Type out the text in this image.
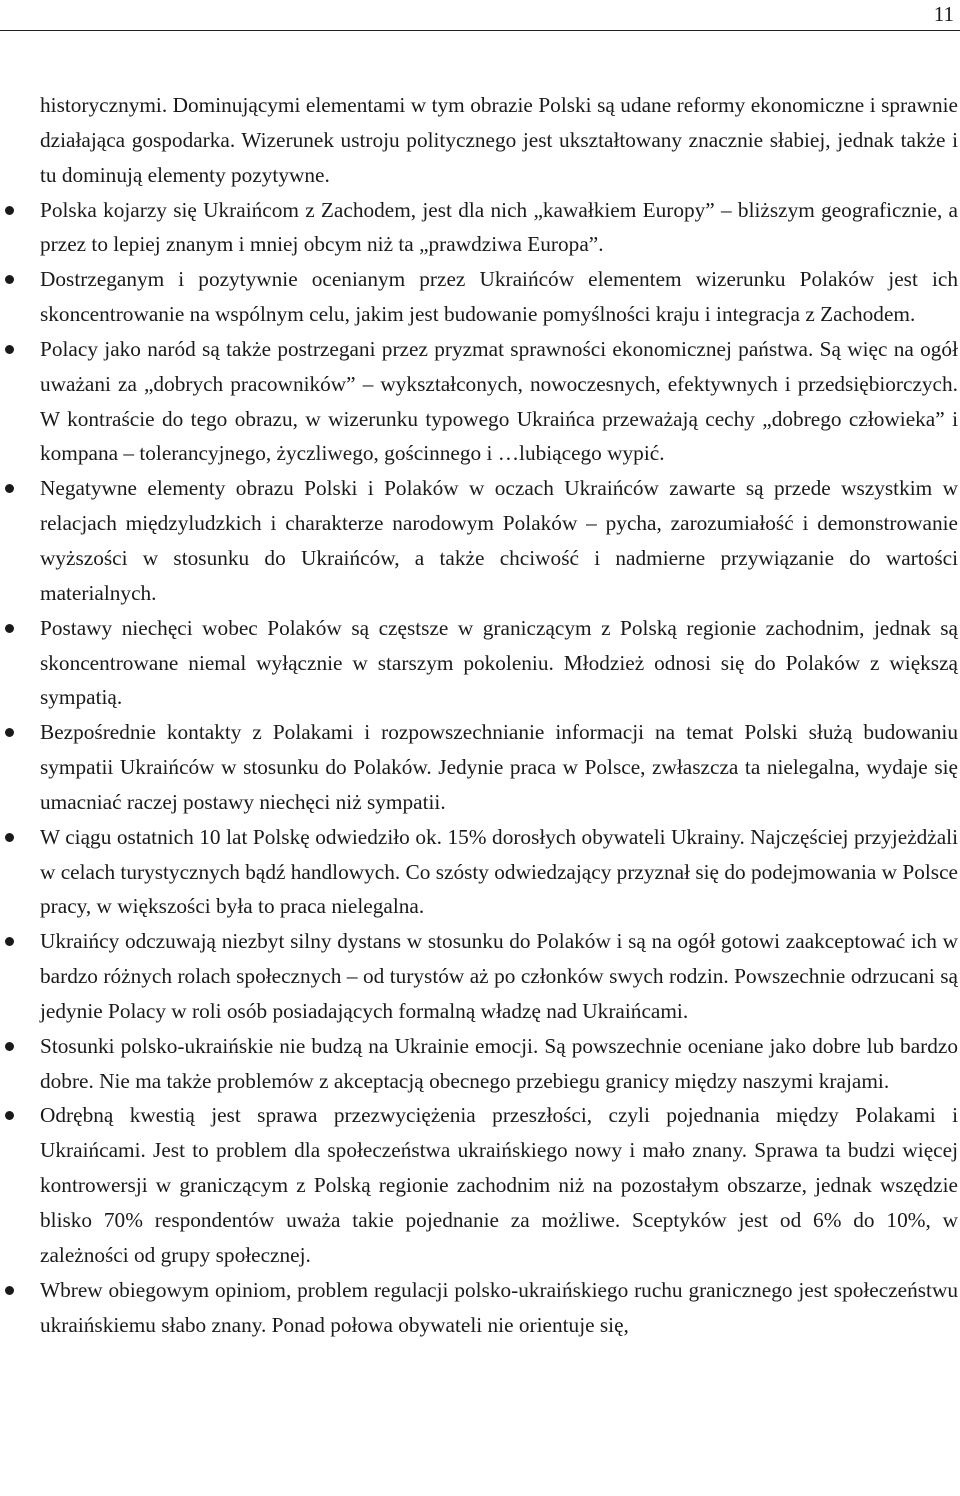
11

historycznymi. Dominującymi elementami w tym obrazie Polski są udane reformy ekonomiczne i sprawnie działająca gospodarka. Wizerunek ustroju politycznego jest ukształtowany znacznie słabiej, jednak także i tu dominują elementy pozytywne.

Polska kojarzy się Ukraińcom z Zachodem, jest dla nich „kawałkiem Europy” – bliższym geograficznie, a przez to lepiej znanym i mniej obcym niż ta „prawdziwa Europa”.
Dostrzeganym i pozytywnie ocenianym przez Ukraińców elementem wizerunku Polaków jest ich skoncentrowanie na wspólnym celu, jakim jest budowanie pomyślności kraju i integracja z Zachodem.
Polacy jako naród są także postrzegani przez pryzmat sprawności ekonomicznej państwa. Są więc na ogół uważani za „dobrych pracowników” – wykształconych, nowoczesnych, efektywnych i przedsiębiorczych. W kontraście do tego obrazu, w wizerunku typowego Ukraińca przeważają cechy „dobrego człowieka” i kompana – tolerancyjnego, życzliwego, gościnnego i …lubiącego wypić.
Negatywne elementy obrazu Polski i Polaków w oczach Ukraińców zawarte są przede wszystkim w relacjach międzyludzkich i charakterze narodowym Polaków – pycha, zarozumiałość i demonstrowanie wyższości w stosunku do Ukraińców, a także chciwość i nadmierne przywiązanie do wartości materialnych.
Postawy niechęci wobec Polaków są częstsze w graniczącym z Polską regionie zachodnim, jednak są skoncentrowane niemal wyłącznie w starszym pokoleniu. Młodzież odnosi się do Polaków z większą sympatią.
Bezpośrednie kontakty z Polakami i rozpowszechnianie informacji na temat Polski służą budowaniu sympatii Ukraińców w stosunku do Polaków. Jedynie praca w Polsce, zwłaszcza ta nielegalna, wydaje się umacniać raczej postawy niechęci niż sympatii.
W ciągu ostatnich 10 lat Polskę odwiedziło ok. 15% dorosłych obywateli Ukrainy. Najczęściej przyjeżdżali w celach turystycznych bądź handlowych. Co szósty odwiedzający przyznał się do podejmowania w Polsce pracy, w większości była to praca nielegalna.
Ukraińcy odczuwają niezbyt silny dystans w stosunku do Polaków i są na ogół gotowi zaakceptować ich w bardzo różnych rolach społecznych – od turystów aż po członków swych rodzin. Powszechnie odrzucani są jedynie Polacy w roli osób posiadających formalną władzę nad Ukraińcami.
Stosunki polsko-ukraińskie nie budzą na Ukrainie emocji. Są powszechnie oceniane jako dobre lub bardzo dobre. Nie ma także problemów z akceptacją obecnego przebiegu granicy między naszymi krajami.
Odrębną kwestią jest sprawa przezwyciężenia przeszłości, czyli pojednania między Polakami i Ukraińcami. Jest to problem dla społeczeństwa ukraińskiego nowy i mało znany. Sprawa ta budzi więcej kontrowersji w graniczącym z Polską regionie zachodnim niż na pozostałym obszarze, jednak wszędzie blisko 70% respondentów uważa takie pojednanie za możliwe. Sceptyków jest od 6% do 10%, w zależności od grupy społecznej.
Wbrew obiegowym opiniom, problem regulacji polsko-ukraińskiego ruchu granicznego jest społeczeństwu ukraińskiemu słabo znany. Ponad połowa obywateli nie orientuje się,
